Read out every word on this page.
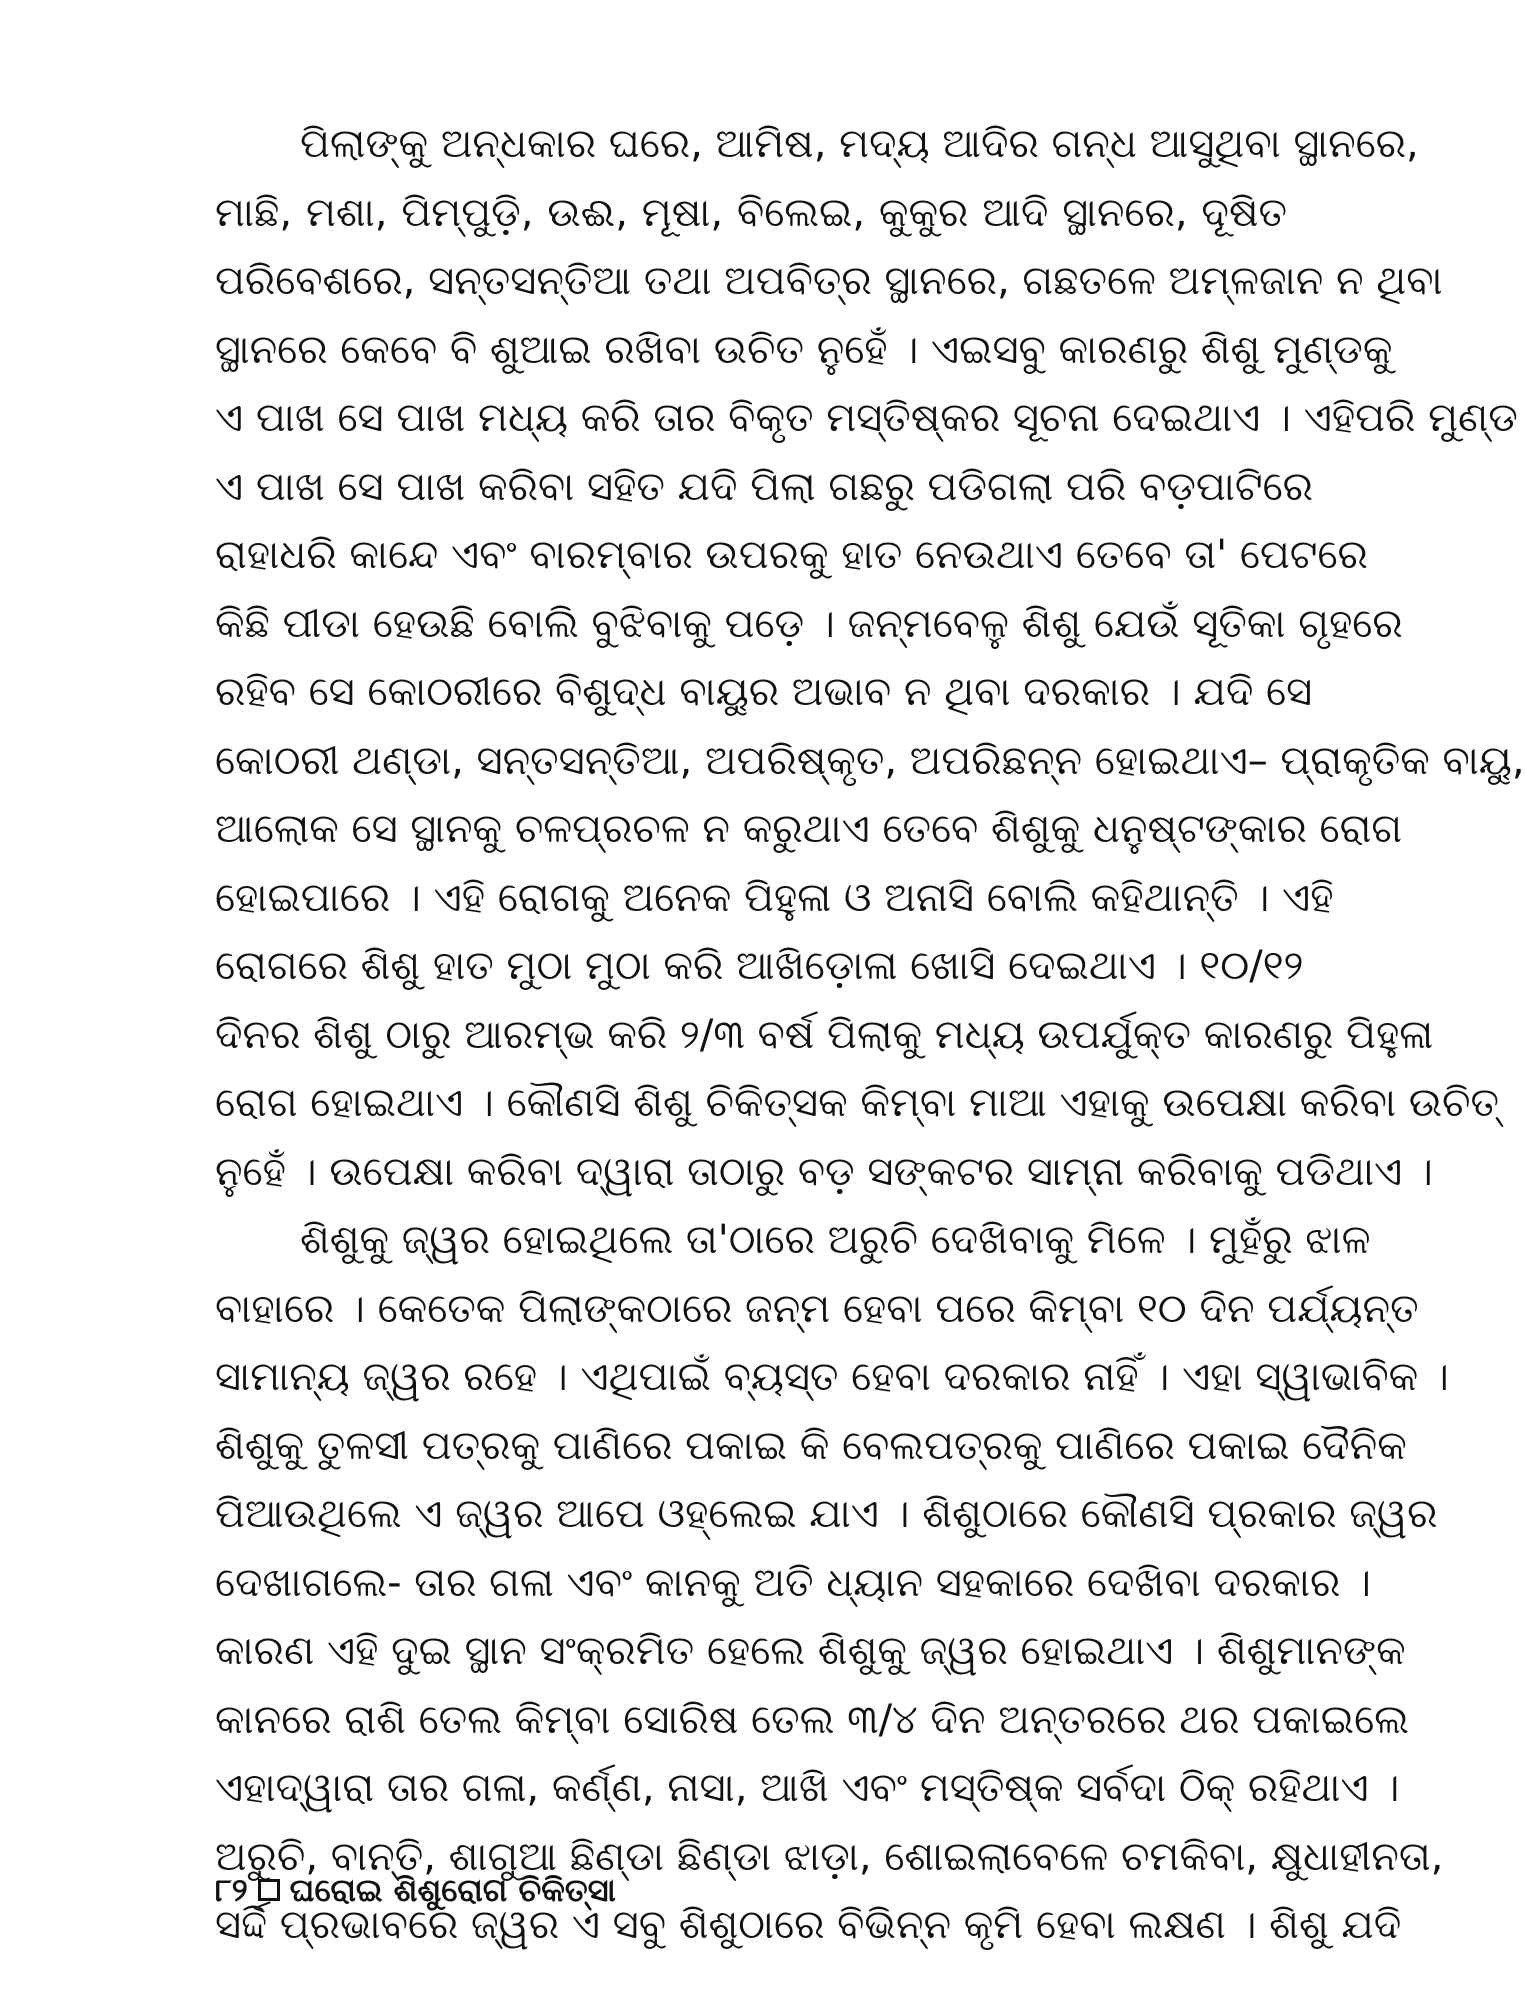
ପିଲାଙ୍କୁ ଅନ୍ଧକାର ଘରେ, ଆମିଷ, ମଦ୍ୟ ଆଦିର ଗନ୍ଧ ଆସୁଥିବା ସ୍ଥାନରେ,
ମାଛି, ମଶା, ପିମ୍ପୁଡ଼ି, ଉଈ, ମୂଷା, ବିଲେଇ, କୁକୁର ଆଦି ସ୍ଥାନରେ, ଦୂଷିତ
ପରିବେଶରେ, ସନ୍ତସନ୍ତିଆ ତଥା ଅପବିତ୍ର ସ୍ଥାନରେ, ଗଛତଳେ ଅମ୍ଳଜାନ ନ ଥିବା
ସ୍ଥାନରେ କେବେ ବି ଶୁଆଇ ରଖିବା ଉଚିତ ନୁହେଁ । ଏଇସବୁ କାରଣରୁ ଶିଶୁ ମୁଣ୍ଡକୁ
ଏ ପାଖ ସେ ପାଖ ମଧ୍ୟ କରି ତାର ବିକୃତ ମସ୍ତିଷ୍କର ସୂଚନା ଦେଇଥାଏ । ଏହିପରି ମୁଣ୍ଡ
ଏ ପାଖ ସେ ପାଖ କରିବା ସହିତ ଯଦି ପିଲା ଗଛରୁ ପଡିଗଲା ପରି ବଡ଼ପାଟିରେ
ରାହାଧରି କାନ୍ଦେ ଏବଂ ବାରମ୍ବାର ଉପରକୁ ହାତ ନେଉଥାଏ ତେବେ ତା' ପେଟରେ
କିଛି ପୀଡା ହେଉଛି ବୋଲି ବୁଝିବାକୁ ପଡ଼େ । ଜନ୍ମବେଳୁ ଶିଶୁ ଯେଉଁ ସୂତିକା ଗୃହରେ
ରହିବ ସେ କୋଠରୀରେ ବିଶୁଦ୍ଧ ବାୟୁର ଅଭାବ ନ ଥିବା ଦରକାର । ଯଦି ସେ
କୋଠରୀ ଥଣ୍ଡା, ସନ୍ତସନ୍ତିଆ, ଅପରିଷ୍କୃତ, ଅପରିଛନ୍ନ ହୋଇଥାଏ– ପ୍ରାକୃତିକ ବାୟୁ,
ଆଲୋକ ସେ ସ୍ଥାନକୁ ଚଳପ୍ରଚଳ ନ କରୁଥାଏ ତେବେ ଶିଶୁକୁ ଧନୁଷ୍ଟଙ୍କାର ରୋଗ
ହୋଇପାରେ । ଏହି ରୋଗକୁ ଅନେକ ପିହୁଳା ଓ ଅନାସି ବୋଲି କହିଥାନ୍ତି । ଏହି
ରୋଗରେ ଶିଶୁ ହାତ ମୁଠା ମୁଠା କରି ଆଖିଡ଼ୋଳା ଖୋସି ଦେଇଥାଏ । ୧୦/୧୨
ଦିନର ଶିଶୁ ଠାରୁ ଆରମ୍ଭ କରି ୨/୩ ବର୍ଷ ପିଲାକୁ ମଧ୍ୟ ଉପର୍ଯୁକ୍ତ କାରଣରୁ ପିହୁଳା
ରୋଗ ହୋଇଥାଏ । କୌଣସି ଶିଶୁ ଚିକିତ୍ସକ କିମ୍ବା ମାଆ ଏହାକୁ ଉପେକ୍ଷା କରିବା ଉଚିତ୍
ନୁହେଁ । ଉପେକ୍ଷା କରିବା ଦ୍ୱାରା ତାଠାରୁ ବଡ଼ ସଙ୍କଟର ସାମ୍ନା କରିବାକୁ ପଡିଥାଏ ।
ଶିଶୁକୁ ଜ୍ୱର ହୋଇଥିଲେ ତା'ଠାରେ ଅରୁଚି ଦେଖିବାକୁ ମିଳେ । ମୁହଁରୁ ଝାଳ
ବାହାରେ । କେତେକ ପିଲାଙ୍କଠାରେ ଜନ୍ମ ହେବା ପରେ କିମ୍ବା ୧୦ ଦିନ ପର୍ଯ୍ୟନ୍ତ
ସାମାନ୍ୟ ଜ୍ୱର ରହେ । ଏଥିପାଇଁ ବ୍ୟସ୍ତ ହେବା ଦରକାର ନାହିଁ । ଏହା ସ୍ୱାଭାବିକ ।
ଶିଶୁକୁ ତୁଳସୀ ପତ୍ରକୁ ପାଣିରେ ପକାଇ କି ବେଲପତ୍ରକୁ ପାଣିରେ ପକାଇ ଦୈନିକ
ପିଆଉଥିଲେ ଏ ଜ୍ୱର ଆପେ ଓହ୍ଲେଇ ଯାଏ । ଶିଶୁଠାରେ କୌଣସି ପ୍ରକାର ଜ୍ୱର
ଦେଖାଗଲେ- ତାର ଗଳା ଏବଂ କାନକୁ ଅତି ଧ୍ୟାନ ସହକାରେ ଦେଖିବା ଦରକାର ।
କାରଣ ଏହି ଦୁଇ ସ୍ଥାନ ସଂକ୍ରମିତ ହେଲେ ଶିଶୁକୁ ଜ୍ୱର ହୋଇଥାଏ । ଶିଶୁମାନଙ୍କ
କାନରେ ରାଶି ତେଲ କିମ୍ବା ସୋରିଷ ତେଲ ୩/୪ ଦିନ ଅନ୍ତରରେ ଥର ପକାଇଲେ
ଏହାଦ୍ୱାରା ତାର ଗଳା, କର୍ଣ୍ଣ, ନାସା, ଆଖି ଏବଂ ମସ୍ତିଷ୍କ ସର୍ବଦା ଠିକ୍ ରହିଥାଏ ।
ଅରୁଚି, ବାନ୍ତି, ଶାଗୁଆ ଛିଣ୍ଡା ଛିଣ୍ଡା ଝାଡ଼ା, ଶୋଇଲାବେଳେ ଚମକିବା, କ୍ଷୁଧାହୀନତା,
ସର୍ଦ୍ଦି ପ୍ରଭାବରେ ଜ୍ୱର ଏ ସବୁ ଶିଶୁଠାରେ ବିଭିନ୍ନ କୃମି ହେବା ଲକ୍ଷଣ । ଶିଶୁ ଯଦି
୮୨ ଘରୋଇ ଶିଶୁରୋଗ ଚିକିତ୍ସା
